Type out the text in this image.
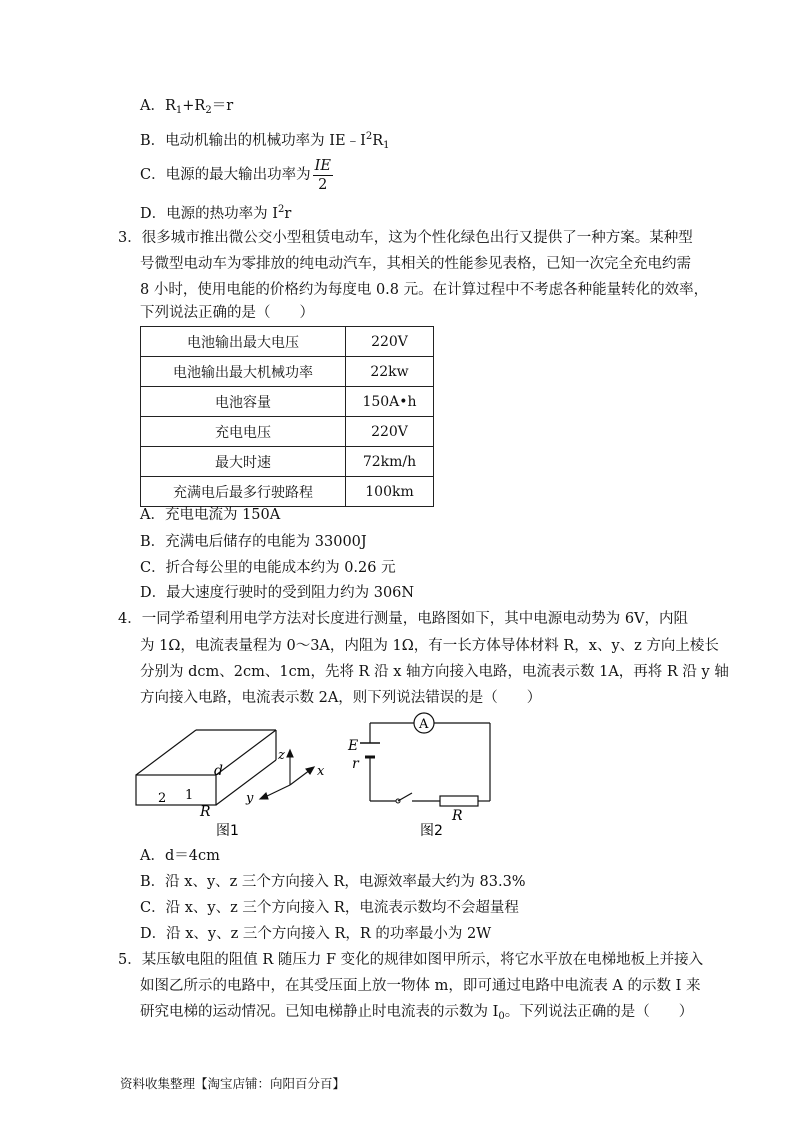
A．$R_1+R_2=r$
B．电动机输出的机械功率为 $IE﹣I^2R_1$
C．电源的最大输出功率为 $\frac{IE}{2}$
D．电源的热功率为 $I^2r$
3．很多城市推出微公交小型租赁电动车，这为个性化绿色出行又提供了一种方案。某种型
号微型电动车为零排放的纯电动汽车，其相关的性能参见表格，已知一次完全充电约需
8 小时，使用电能的价格约为每度电 0.8 元。在计算过程中不考虑各种能量转化的效率，
下列说法正确的是（　　）
电池输出最大电压	220V
电池输出最大机械功率	22kw
电池容量	150A•h
充电电压	220V
最大时速	72km/h
充满电后最多行驶路程	100km
A．充电电流为 150A
B．充满电后储存的电能为 33000J
C．折合每公里的电能成本约为 0.26 元
D．最大速度行驶时的受到阻力约为 306N
4．一同学希望利用电学方法对长度进行测量，电路图如下，其中电源电动势为 6V，内阻
为 1Ω，电流表量程为 0～3A，内阻为 1Ω，有一长方体导体材料 R，x、y、z 方向上棱长
分别为 dcm、2cm、1cm，先将 R 沿 x 轴方向接入电路，电流表示数 1A，再将 R 沿 y 轴
方向接入电路，电流表示数 2A，则下列说法错误的是（　　）
2 1
d
R
z
x
y
图1
A
E
r
R
图2
A．d＝4cm
B．沿 x、y、z 三个方向接入 R，电源效率最大约为 83.3%
C．沿 x、y、z 三个方向接入 R，电流表示数均不会超量程
D．沿 x、y、z 三个方向接入 R，R 的功率最小为 2W
5．某压敏电阻的阻值 R 随压力 F 变化的规律如图甲所示，将它水平放在电梯地板上并接入
如图乙所示的电路中，在其受压面上放一物体 m，即可通过电路中电流表 A 的示数 I 来
研究电梯的运动情况。已知电梯静止时电流表的示数为 $I_0$。下列说法正确的是（　　）
资料收集整理【淘宝店铺：向阳百分百】
